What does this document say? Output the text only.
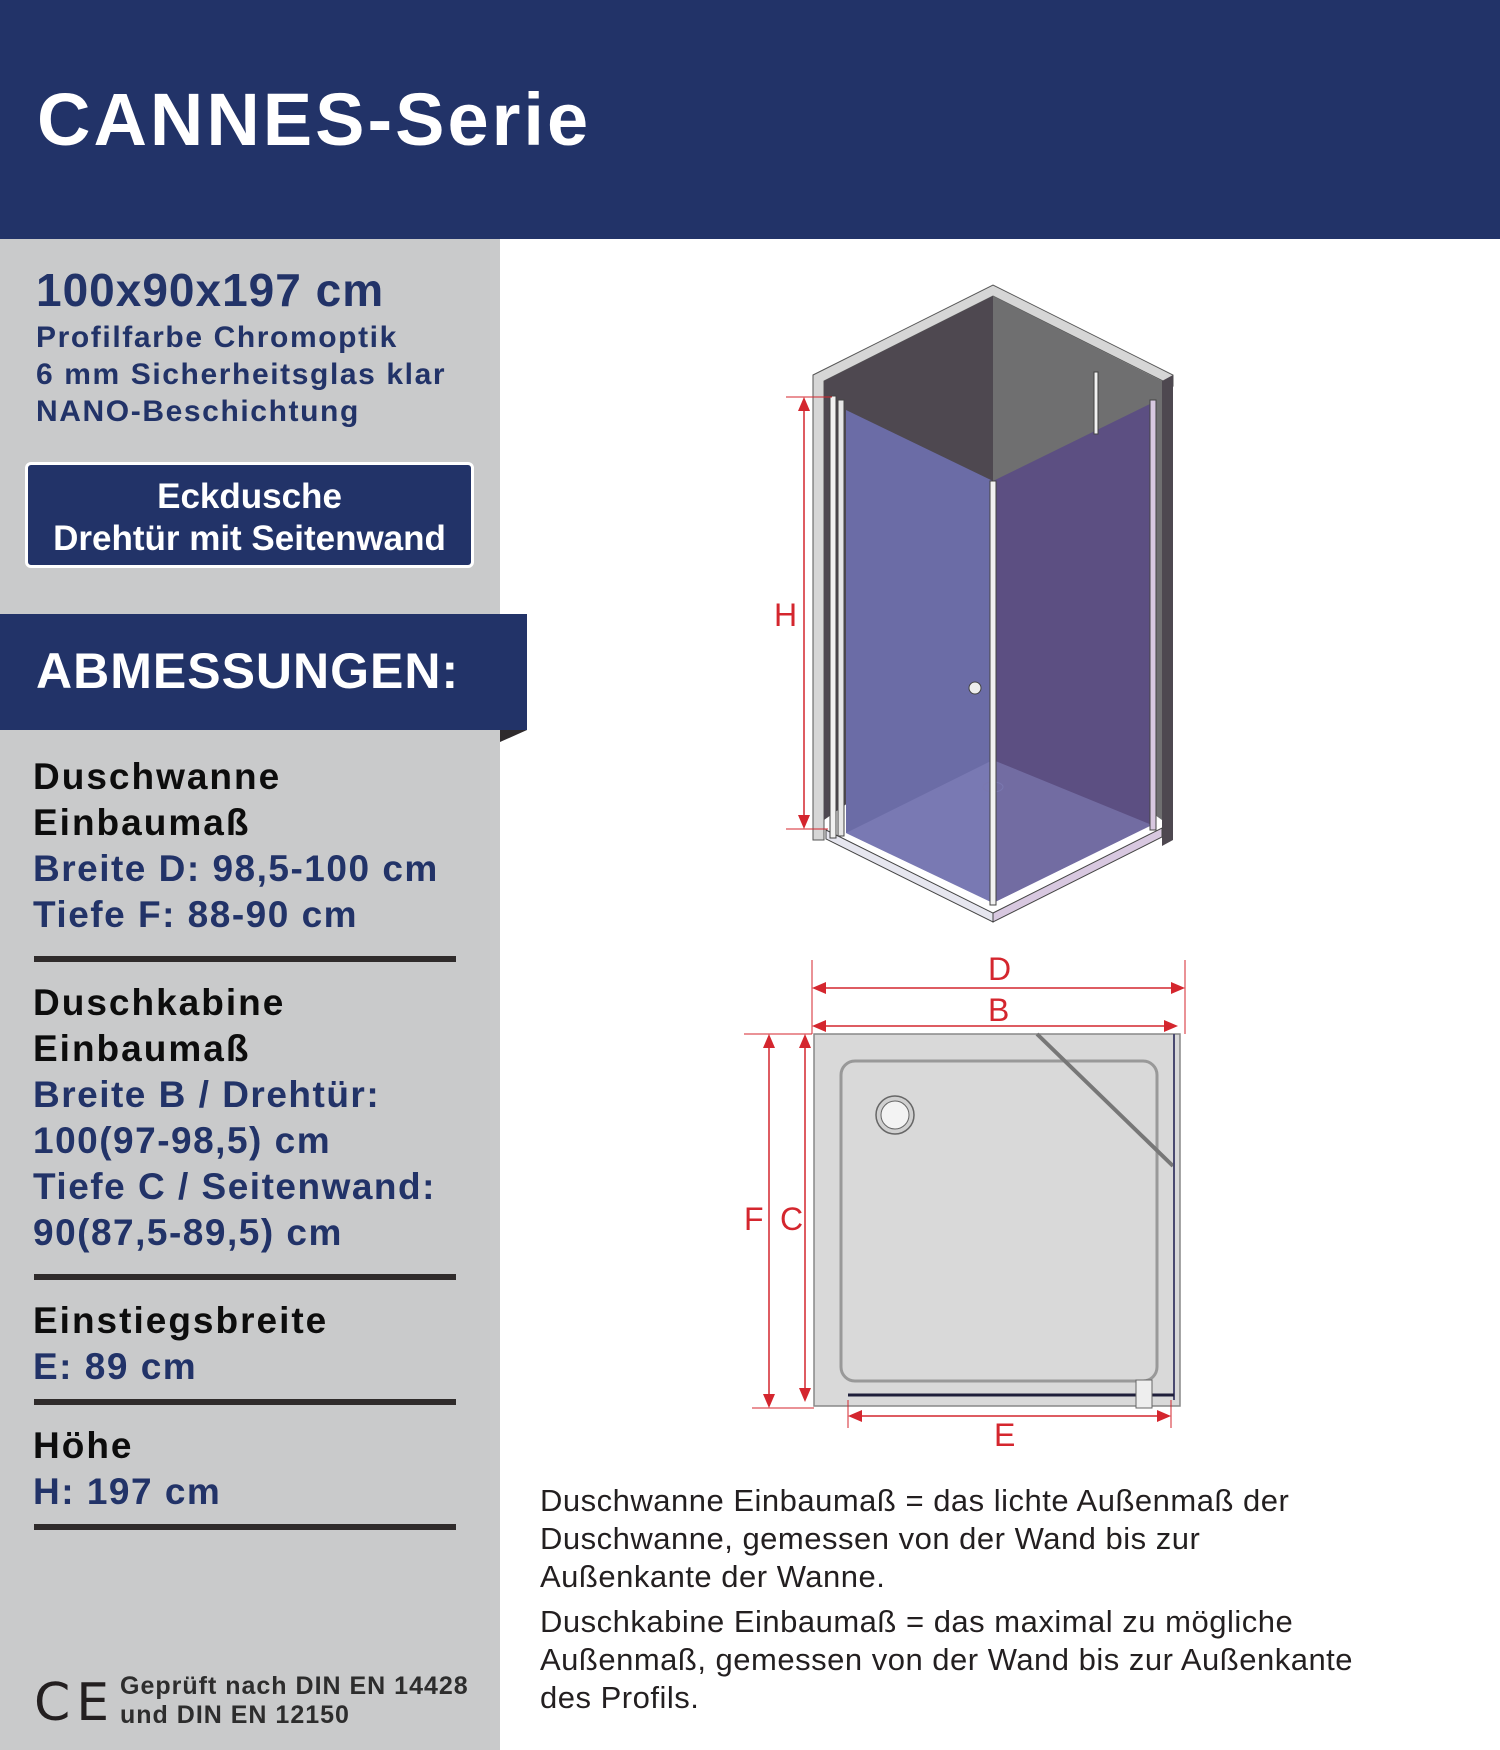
CANNES-Serie
100x90x197 cm
Profilfarbe Chromoptik
6 mm Sicherheitsglas klar
NANO-Beschichtung
Eckdusche
Drehtür mit Seitenwand
ABMESSUNGEN:
Duschwanne
Einbaumaß
Breite D: 98,5-100 cm
Tiefe F: 88-90 cm
Duschkabine
Einbaumaß
Breite B / Drehtür:
100(97-98,5) cm
Tiefe C / Seitenwand:
90(87,5-89,5) cm
Einstiegsbreite
E: 89 cm
Höhe
H: 197 cm
CE Geprüft nach DIN EN 14428
und DIN EN 12150
H
D
B
F C
E
Duschwanne Einbaumaß = das lichte Außenmaß der
Duschwanne, gemessen von der Wand bis zur
Außenkante der Wanne.
Duschkabine Einbaumaß = das maximal zu mögliche
Außenmaß, gemessen von der Wand bis zur Außenkante
des Profils.
